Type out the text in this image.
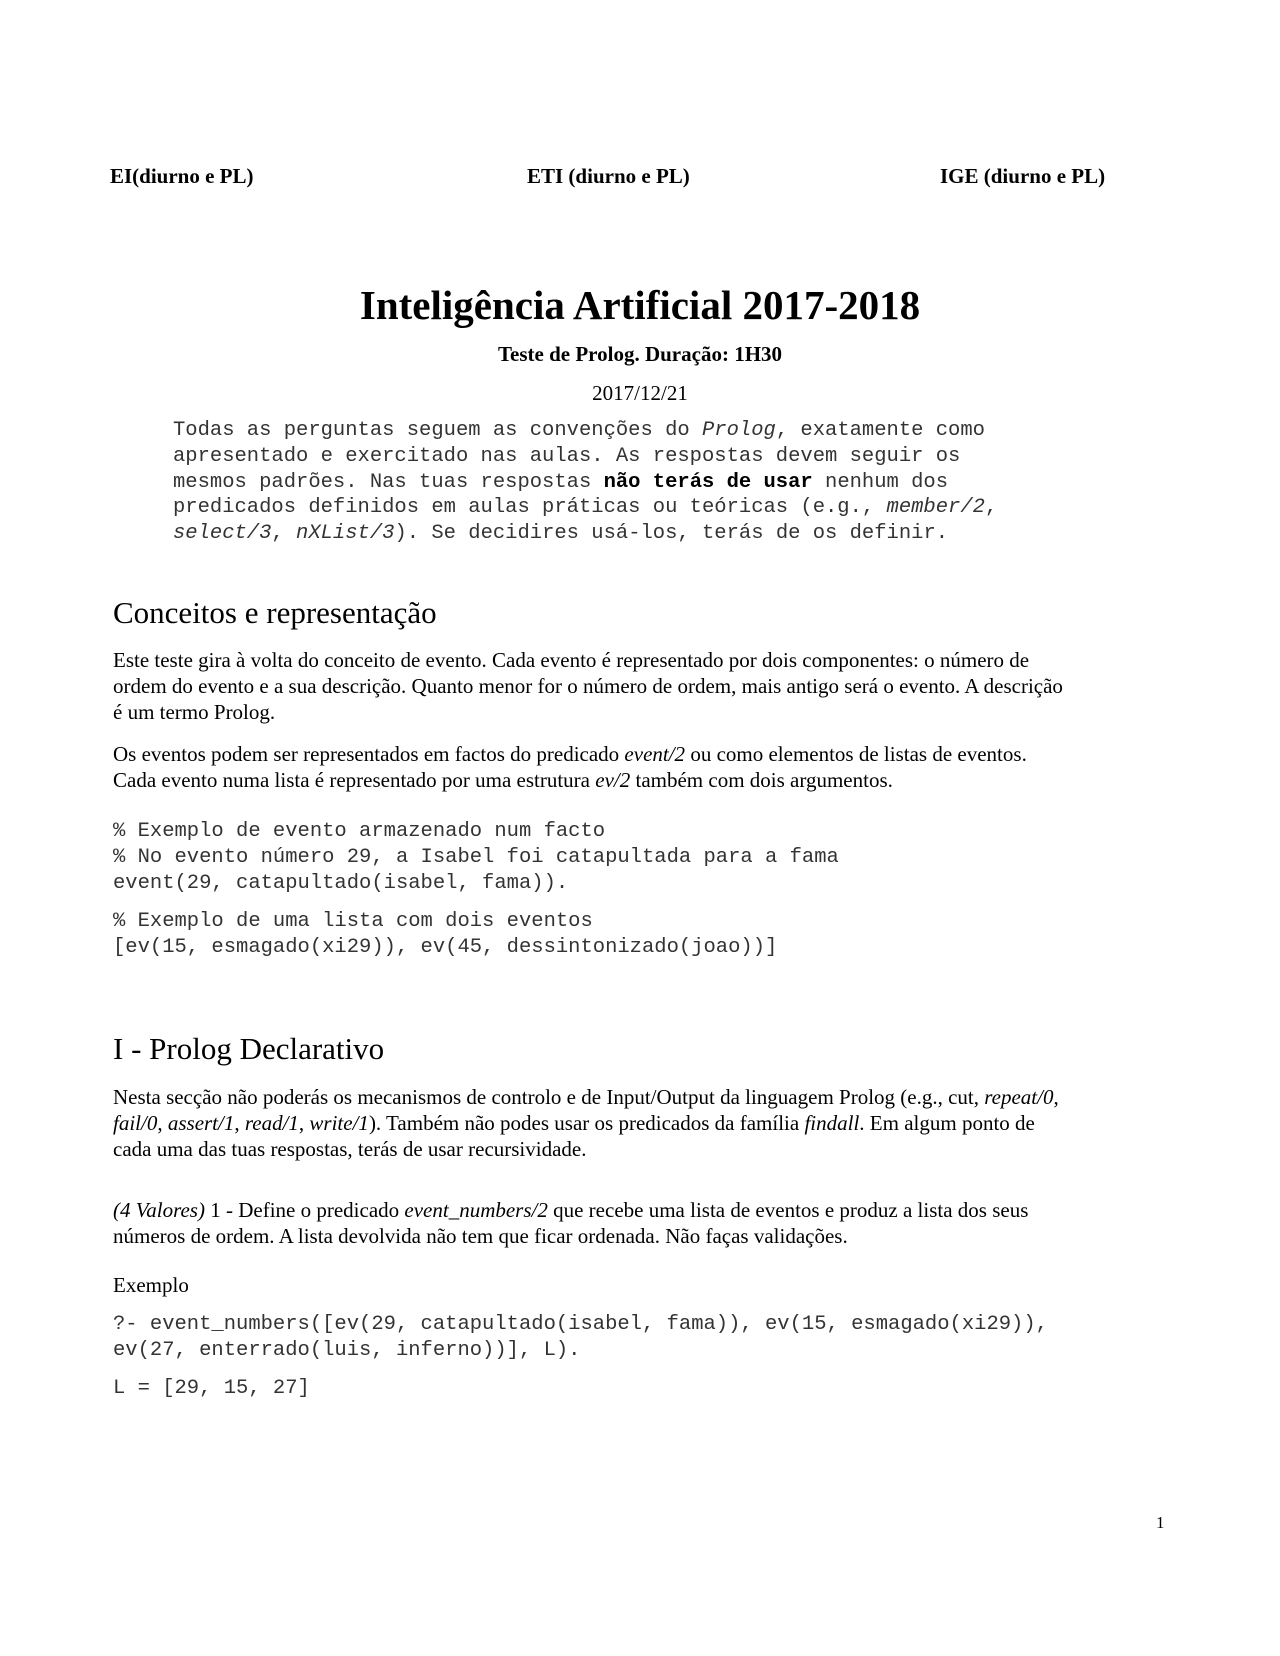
EI(diurno e PL)	ETI (diurno e PL)	IGE (diurno e PL)
Inteligência Artificial 2017-2018
Teste de Prolog. Duração: 1H30
2017/12/21
Todas as perguntas seguem as convenções do Prolog, exatamente como
apresentado e exercitado nas aulas. As respostas devem seguir os
mesmos padrões. Nas tuas respostas não terás de usar nenhum dos
predicados definidos em aulas práticas ou teóricas (e.g., member/2,
select/3, nXList/3). Se decidires usá-los, terás de os definir.
Conceitos e representação
Este teste gira à volta do conceito de evento. Cada evento é representado por dois componentes: o número de
ordem do evento e a sua descrição. Quanto menor for o número de ordem, mais antigo será o evento. A descrição
é um termo Prolog.
Os eventos podem ser representados em factos do predicado event/2 ou como elementos de listas de eventos.
Cada evento numa lista é representado por uma estrutura ev/2 também com dois argumentos.
% Exemplo de evento armazenado num facto
% No evento número 29, a Isabel foi catapultada para a fama
event(29, catapultado(isabel, fama)).
% Exemplo de uma lista com dois eventos
[ev(15, esmagado(xi29)), ev(45, dessintonizado(joao))]
I - Prolog Declarativo
Nesta secção não poderás os mecanismos de controlo e de Input/Output da linguagem Prolog (e.g., cut, repeat/0,
fail/0, assert/1, read/1, write/1). Também não podes usar os predicados da família findall. Em algum ponto de
cada uma das tuas respostas, terás de usar recursividade.
(4 Valores) 1 - Define o predicado event_numbers/2 que recebe uma lista de eventos e produz a lista dos seus
números de ordem. A lista devolvida não tem que ficar ordenada. Não faças validações.
Exemplo
?- event_numbers([ev(29, catapultado(isabel, fama)), ev(15, esmagado(xi29)),
ev(27, enterrado(luis, inferno))], L).
L = [29, 15, 27]
1
